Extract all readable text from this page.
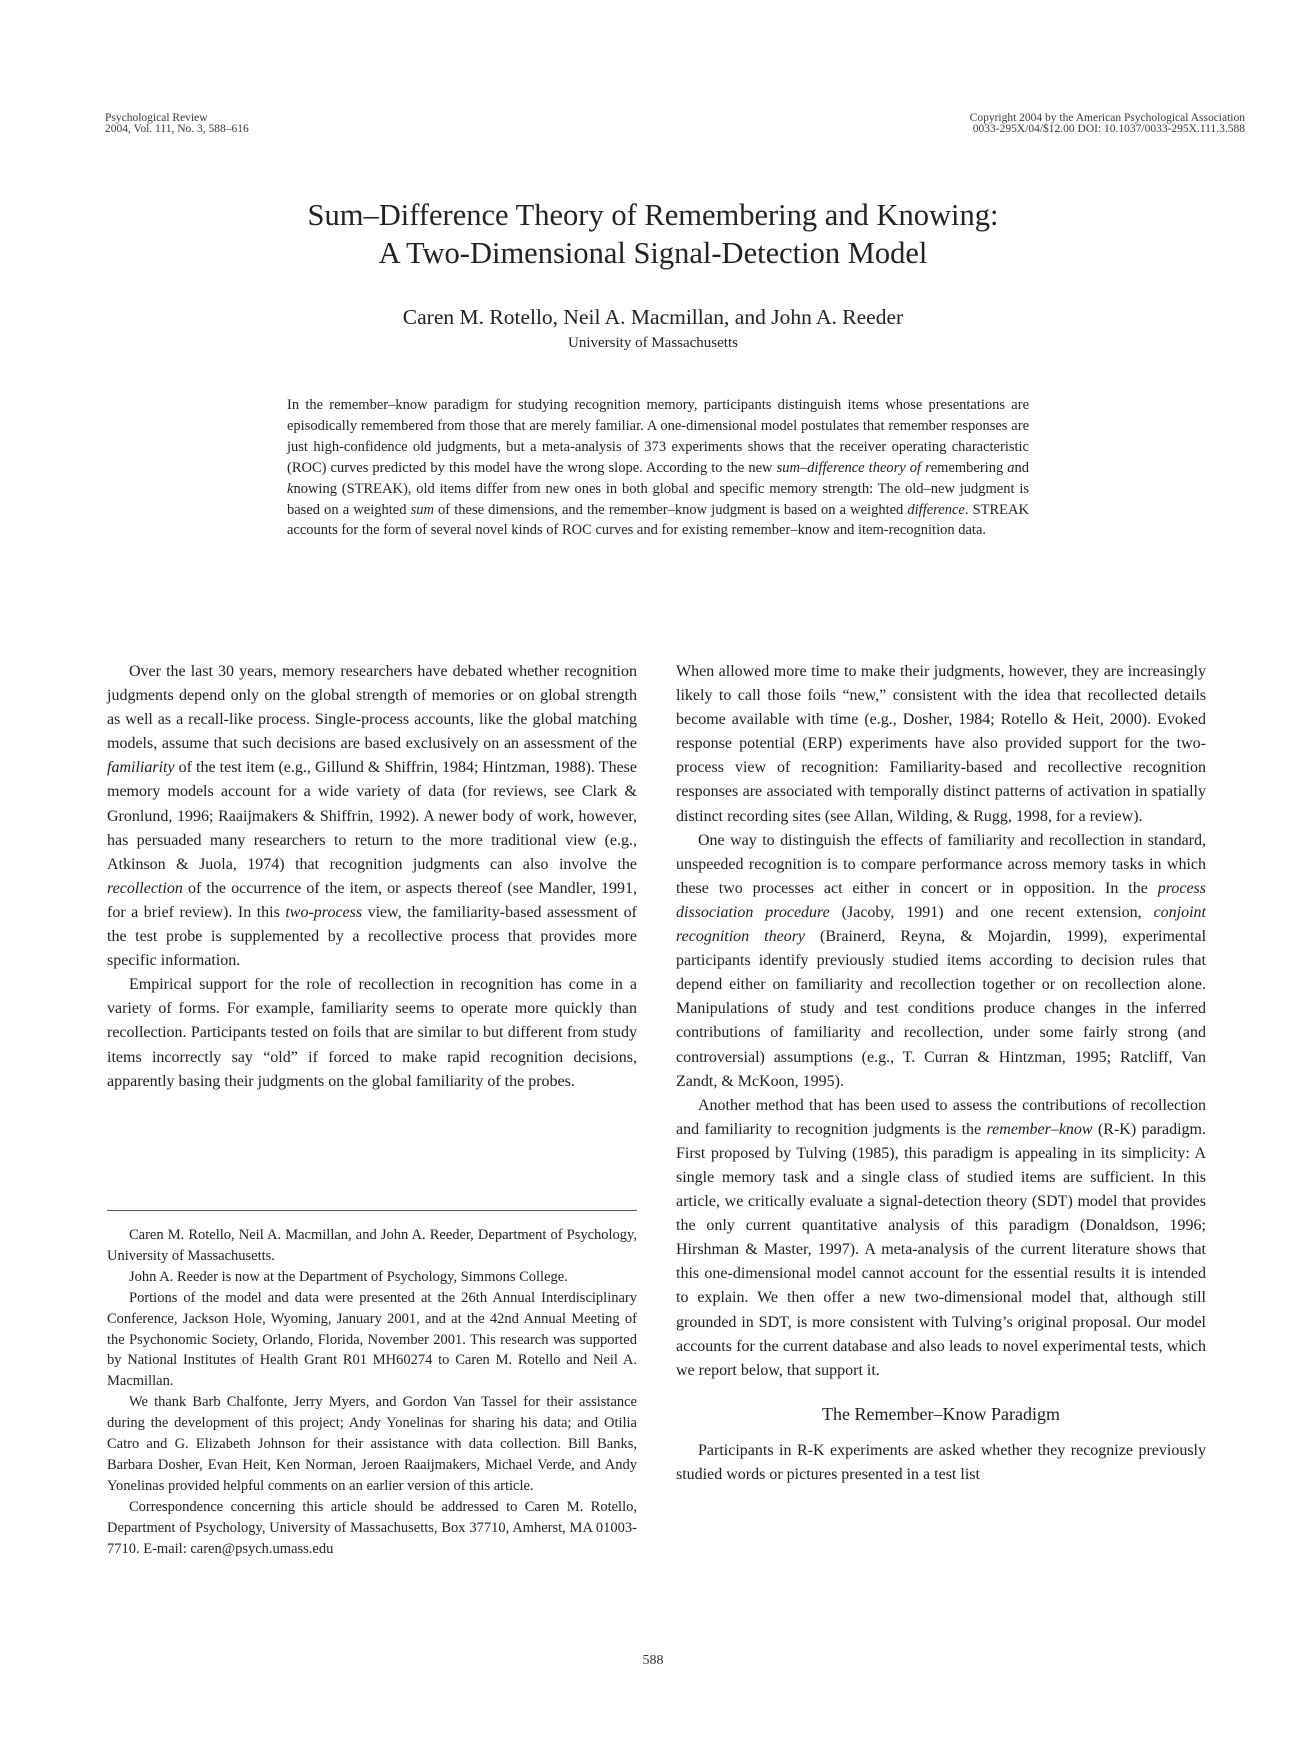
Psychological Review
2004, Vol. 111, No. 3, 588–616
Copyright 2004 by the American Psychological Association
0033-295X/04/$12.00 DOI: 10.1037/0033-295X.111.3.588
Sum–Difference Theory of Remembering and Knowing:
A Two-Dimensional Signal-Detection Model
Caren M. Rotello, Neil A. Macmillan, and John A. Reeder
University of Massachusetts
In the remember–know paradigm for studying recognition memory, participants distinguish items whose presentations are episodically remembered from those that are merely familiar. A one-dimensional model postulates that remember responses are just high-confidence old judgments, but a meta-analysis of 373 experiments shows that the receiver operating characteristic (ROC) curves predicted by this model have the wrong slope. According to the new sum–difference theory of remembering and knowing (STREAK), old items differ from new ones in both global and specific memory strength: The old–new judgment is based on a weighted sum of these dimensions, and the remember–know judgment is based on a weighted difference. STREAK accounts for the form of several novel kinds of ROC curves and for existing remember–know and item-recognition data.

Over the last 30 years, memory researchers have debated whether recognition judgments depend only on the global strength of memories or on global strength as well as a recall-like process. Single-process accounts, like the global matching models, assume that such decisions are based exclusively on an assessment of the familiarity of the test item (e.g., Gillund & Shiffrin, 1984; Hintzman, 1988). These memory models account for a wide variety of data (for reviews, see Clark & Gronlund, 1996; Raaijmakers & Shiffrin, 1992). A newer body of work, however, has persuaded many researchers to return to the more traditional view (e.g., Atkinson & Juola, 1974) that recognition judgments can also involve the recollection of the occurrence of the item, or aspects thereof (see Mandler, 1991, for a brief review). In this two-process view, the familiarity-based assessment of the test probe is supplemented by a recollective process that provides more specific information.

Empirical support for the role of recollection in recognition has come in a variety of forms. For example, familiarity seems to operate more quickly than recollection. Participants tested on foils that are similar to but different from study items incorrectly say “old” if forced to make rapid recognition decisions, apparently basing their judgments on the global familiarity of the probes.

Caren M. Rotello, Neil A. Macmillan, and John A. Reeder, Department of Psychology, University of Massachusetts.

John A. Reeder is now at the Department of Psychology, Simmons College.

Portions of the model and data were presented at the 26th Annual Interdisciplinary Conference, Jackson Hole, Wyoming, January 2001, and at the 42nd Annual Meeting of the Psychonomic Society, Orlando, Florida, November 2001. This research was supported by National Institutes of Health Grant R01 MH60274 to Caren M. Rotello and Neil A. Macmillan.

We thank Barb Chalfonte, Jerry Myers, and Gordon Van Tassel for their assistance during the development of this project; Andy Yonelinas for sharing his data; and Otilia Catro and G. Elizabeth Johnson for their assistance with data collection. Bill Banks, Barbara Dosher, Evan Heit, Ken Norman, Jeroen Raaijmakers, Michael Verde, and Andy Yonelinas provided helpful comments on an earlier version of this article.

Correspondence concerning this article should be addressed to Caren M. Rotello, Department of Psychology, University of Massachusetts, Box 37710, Amherst, MA 01003-7710. E-mail: caren@psych.umass.edu

When allowed more time to make their judgments, however, they are increasingly likely to call those foils “new,” consistent with the idea that recollected details become available with time (e.g., Dosher, 1984; Rotello & Heit, 2000). Evoked response potential (ERP) experiments have also provided support for the two-process view of recognition: Familiarity-based and recollective recognition responses are associated with temporally distinct patterns of activation in spatially distinct recording sites (see Allan, Wilding, & Rugg, 1998, for a review).

One way to distinguish the effects of familiarity and recollection in standard, unspeeded recognition is to compare performance across memory tasks in which these two processes act either in concert or in opposition. In the process dissociation procedure (Jacoby, 1991) and one recent extension, conjoint recognition theory (Brainerd, Reyna, & Mojardin, 1999), experimental participants identify previously studied items according to decision rules that depend either on familiarity and recollection together or on recollection alone. Manipulations of study and test conditions produce changes in the inferred contributions of familiarity and recollection, under some fairly strong (and controversial) assumptions (e.g., T. Curran & Hintzman, 1995; Ratcliff, Van Zandt, & McKoon, 1995).

Another method that has been used to assess the contributions of recollection and familiarity to recognition judgments is the remember–know (R-K) paradigm. First proposed by Tulving (1985), this paradigm is appealing in its simplicity: A single memory task and a single class of studied items are sufficient. In this article, we critically evaluate a signal-detection theory (SDT) model that provides the only current quantitative analysis of this paradigm (Donaldson, 1996; Hirshman & Master, 1997). A meta-analysis of the current literature shows that this one-dimensional model cannot account for the essential results it is intended to explain. We then offer a new two-dimensional model that, although still grounded in SDT, is more consistent with Tulving’s original proposal. Our model accounts for the current database and also leads to novel experimental tests, which we report below, that support it.

The Remember–Know Paradigm

Participants in R-K experiments are asked whether they recognize previously studied words or pictures presented in a test list

588
